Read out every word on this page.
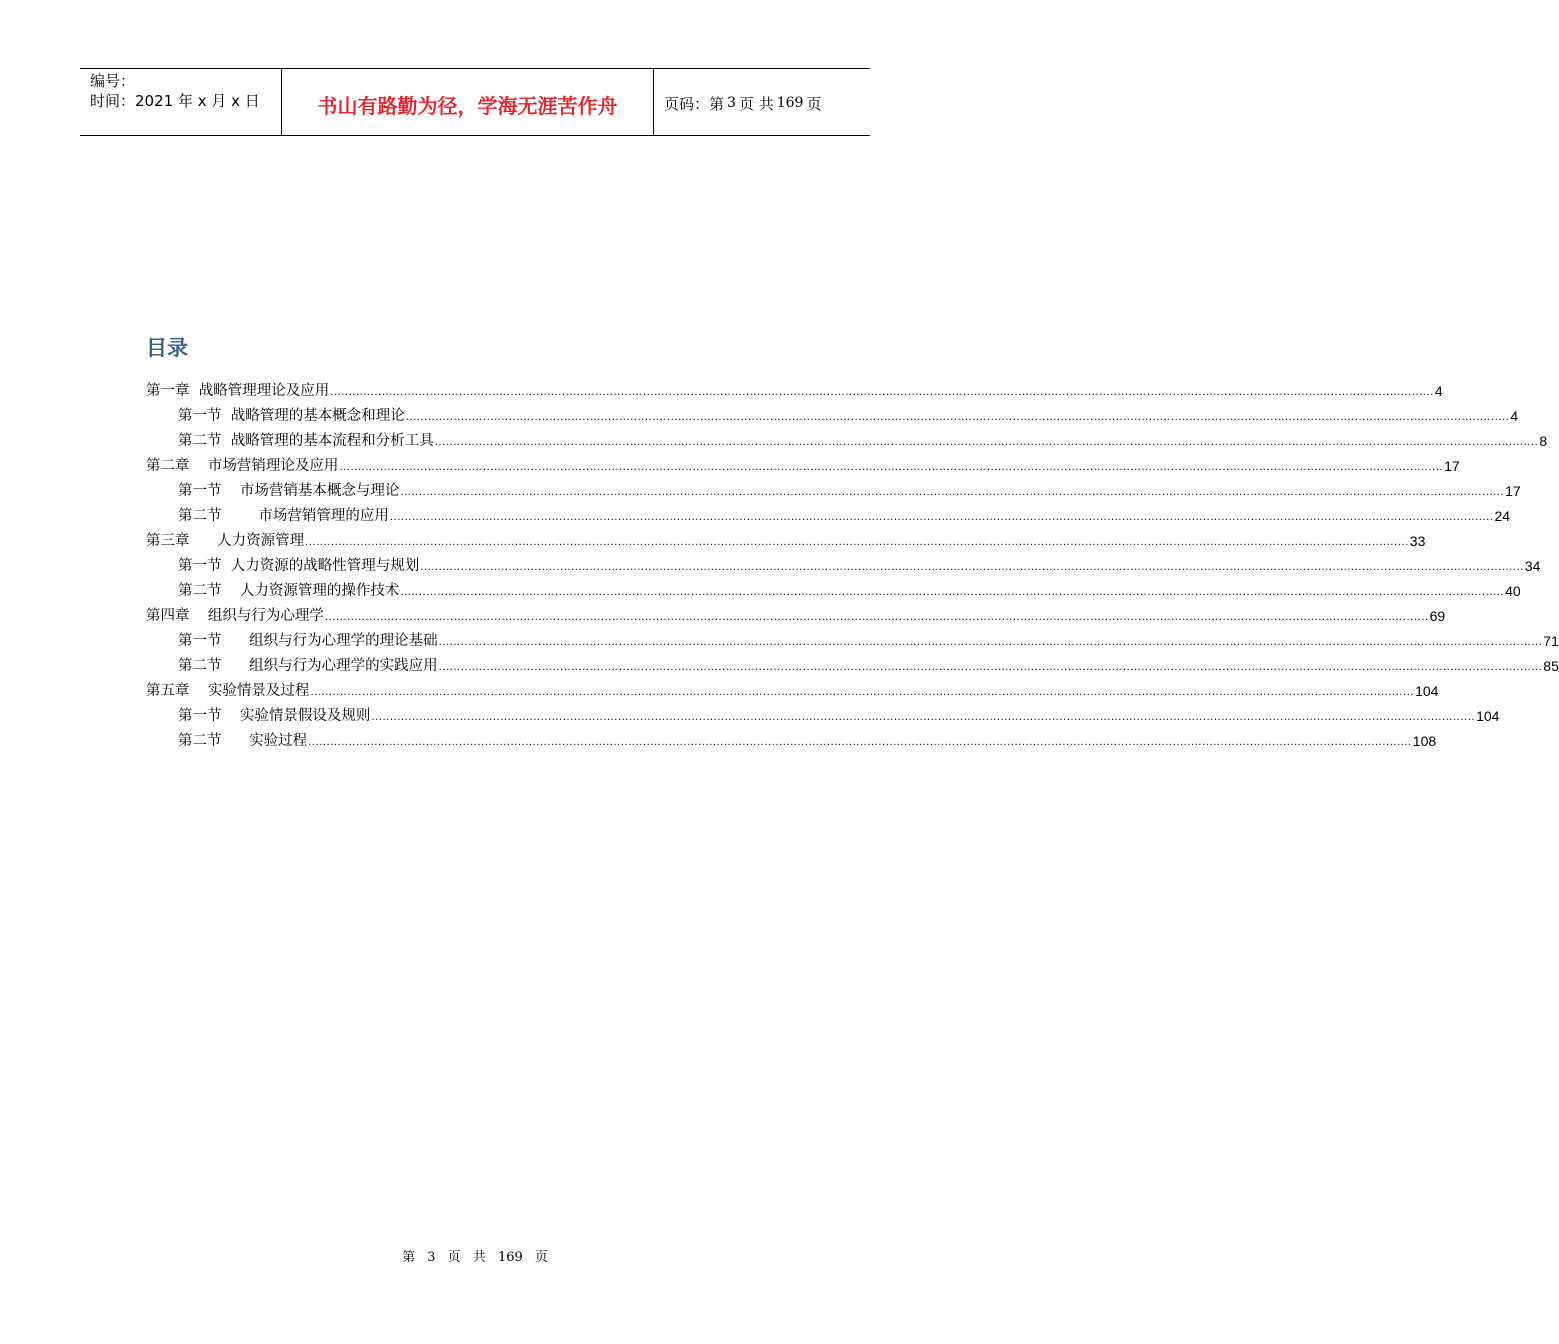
编号：
时间：2021 年 x 月 x 日	书山有路勤为径，学海无涯苦作舟	页码：第 3 页 共 169 页
目录
第一章  战略管理理论及应用 ............................................................................................................................................................................................................................................................................................................ 4
第一节  战略管理的基本概念和理论 ............................................................................................................................................................................................................................................................................................................ 4
第二节  战略管理的基本流程和分析工具 ............................................................................................................................................................................................................................................................................................................ 8
第二章    市场营销理论及应用 ............................................................................................................................................................................................................................................................................................................ 17
第一节    市场营销基本概念与理论 ............................................................................................................................................................................................................................................................................................................ 17
第二节        市场营销管理的应用 ............................................................................................................................................................................................................................................................................................................ 24
第三章      人力资源管理 ............................................................................................................................................................................................................................................................................................................ 33
第一节  人力资源的战略性管理与规划 ............................................................................................................................................................................................................................................................................................................ 34
第二节    人力资源管理的操作技术 ............................................................................................................................................................................................................................................................................................................ 40
第四章    组织与行为心理学 ............................................................................................................................................................................................................................................................................................................ 69
第一节      组织与行为心理学的理论基础 ............................................................................................................................................................................................................................................................................................................ 71
第二节      组织与行为心理学的实践应用 ............................................................................................................................................................................................................................................................................................................ 85
第五章    实验情景及过程 ............................................................................................................................................................................................................................................................................................................ 104
第一节    实验情景假设及规则 ............................................................................................................................................................................................................................................................................................................ 104
第二节      实验过程 ............................................................................................................................................................................................................................................................................................................ 108
第 3 页 共 169 页
